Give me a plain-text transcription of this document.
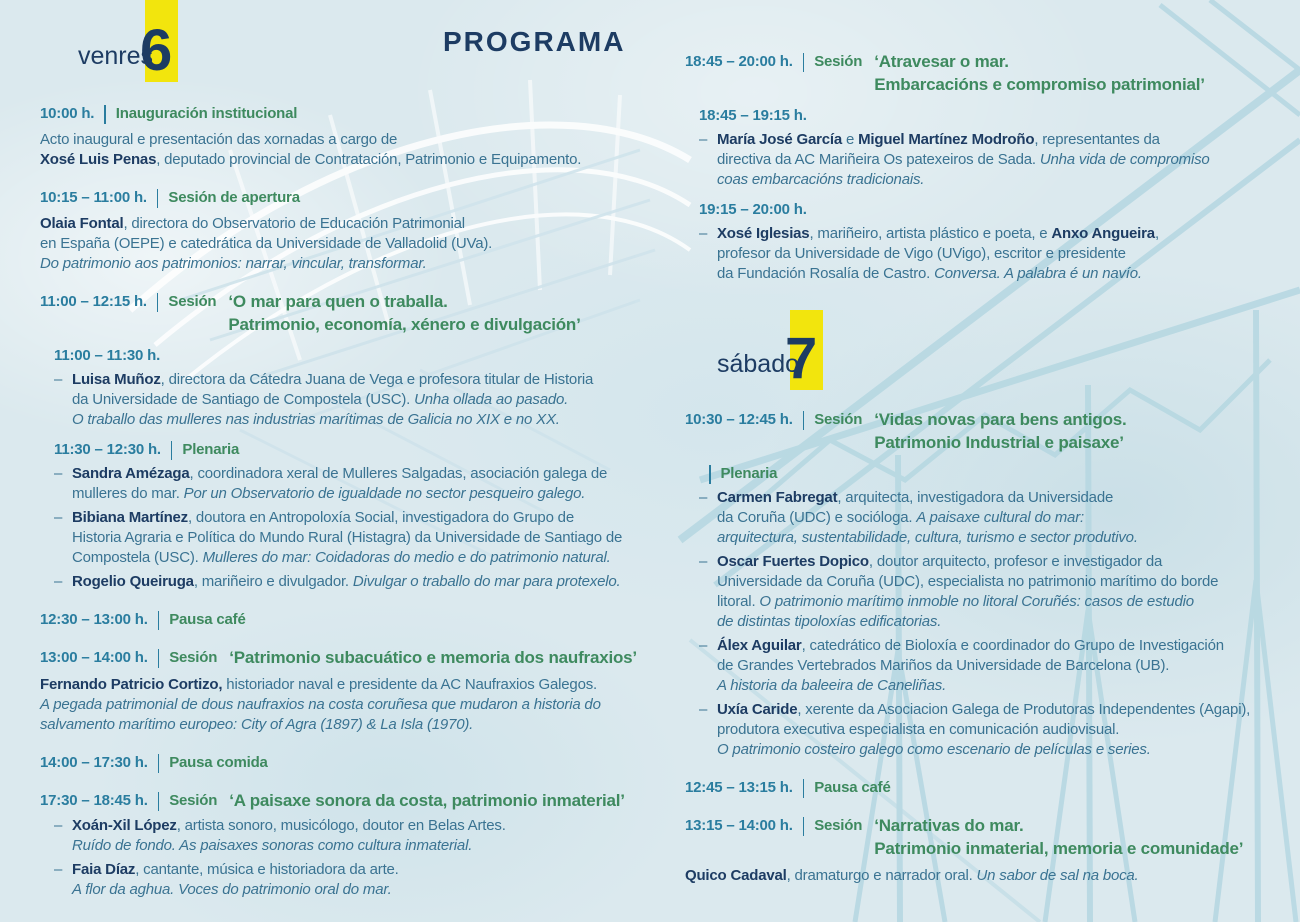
venres
6	PROGRAMA
10:00 h. Inauguración institucional
Acto inaugural e presentación das xornadas a cargo de
Xosé Luis Penas, deputado provincial de Contratación, Patrimonio e Equipamento.
10:15 – 11:00 h. Sesión de apertura
Olaia Fontal, directora do Observatorio de Educación Patrimonial
en España (OEPE) e catedrática da Universidade de Valladolid (UVa).
Do patrimonio aos patrimonios: narrar, vincular, transformar.
11:00 – 12:15 h. Sesión ‘O mar para quen o traballa.
Patrimonio, economía, xénero e divulgación’
11:00 – 11:30 h.
– Luisa Muñoz, directora da Cátedra Juana de Vega e profesora titular de Historia
da Universidade de Santiago de Compostela (USC). Unha ollada ao pasado.
O traballo das mulleres nas industrias marítimas de Galicia no XIX e no XX.
11:30 – 12:30 h. Plenaria
– Sandra Amézaga, coordinadora xeral de Mulleres Salgadas, asociación galega de
mulleres do mar. Por un Observatorio de igualdade no sector pesqueiro galego.
– Bibiana Martínez, doutora en Antropoloxía Social, investigadora do Grupo de
Historia Agraria e Política do Mundo Rural (Histagra) da Universidade de Santiago de
Compostela (USC). Mulleres do mar: Coidadoras do medio e do patrimonio natural.
– Rogelio Queiruga, mariñeiro e divulgador. Divulgar o traballo do mar para protexelo.
12:30 – 13:00 h. Pausa café
13:00 – 14:00 h. Sesión ‘Patrimonio subacuático e memoria dos naufraxios’
Fernando Patricio Cortizo, historiador naval e presidente da AC Naufraxios Galegos.
A pegada patrimonial de dous naufraxios na costa coruñesa que mudaron a historia do
salvamento marítimo europeo: City of Agra (1897) & La Isla (1970).
14:00 – 17:30 h. Pausa comida
17:30 – 18:45 h. Sesión ‘A paisaxe sonora da costa, patrimonio inmaterial’
– Xoán-Xil López, artista sonoro, musicólogo, doutor en Belas Artes.
Ruído de fondo. As paisaxes sonoras como cultura inmaterial.
– Faia Díaz, cantante, música e historiadora da arte.
A flor da aghua. Voces do patrimonio oral do mar.
18:45 – 20:00 h. Sesión ‘Atravesar o mar.
Embarcacións e compromiso patrimonial’
18:45 – 19:15 h.
– María José García e Miguel Martínez Modroño, representantes da
directiva da AC Mariñeira Os patexeiros de Sada. Unha vida de compromiso
coas embarcacións tradicionais.
19:15 – 20:00 h.
– Xosé Iglesias, mariñeiro, artista plástico e poeta, e Anxo Angueira,
profesor da Universidade de Vigo (UVigo), escritor e presidente
da Fundación Rosalía de Castro. Conversa. A palabra é un navío.
sábado
7
10:30 – 12:45 h. Sesión ‘Vidas novas para bens antigos.
Patrimonio Industrial e paisaxe’
Plenaria
– Carmen Fabregat, arquitecta, investigadora da Universidade
da Coruña (UDC) e socióloga. A paisaxe cultural do mar:
arquitectura, sustentabilidade, cultura, turismo e sector produtivo.
– Oscar Fuertes Dopico, doutor arquitecto, profesor e investigador da
Universidade da Coruña (UDC), especialista no patrimonio marítimo do borde
litoral. O patrimonio marítimo inmoble no litoral Coruñés: casos de estudio
de distintas tipoloxías edificatorias.
– Álex Aguilar, catedrático de Bioloxía e coordinador do Grupo de Investigación
de Grandes Vertebrados Mariños da Universidade de Barcelona (UB).
A historia da baleeira de Caneliñas.
– Uxía Caride, xerente da Asociacion Galega de Produtoras Independentes (Agapi),
produtora executiva especialista en comunicación audiovisual.
O patrimonio costeiro galego como escenario de películas e series.
12:45 – 13:15 h. Pausa café
13:15 – 14:00 h. Sesión ‘Narrativas do mar.
Patrimonio inmaterial, memoria e comunidade’
Quico Cadaval, dramaturgo e narrador oral. Un sabor de sal na boca.
